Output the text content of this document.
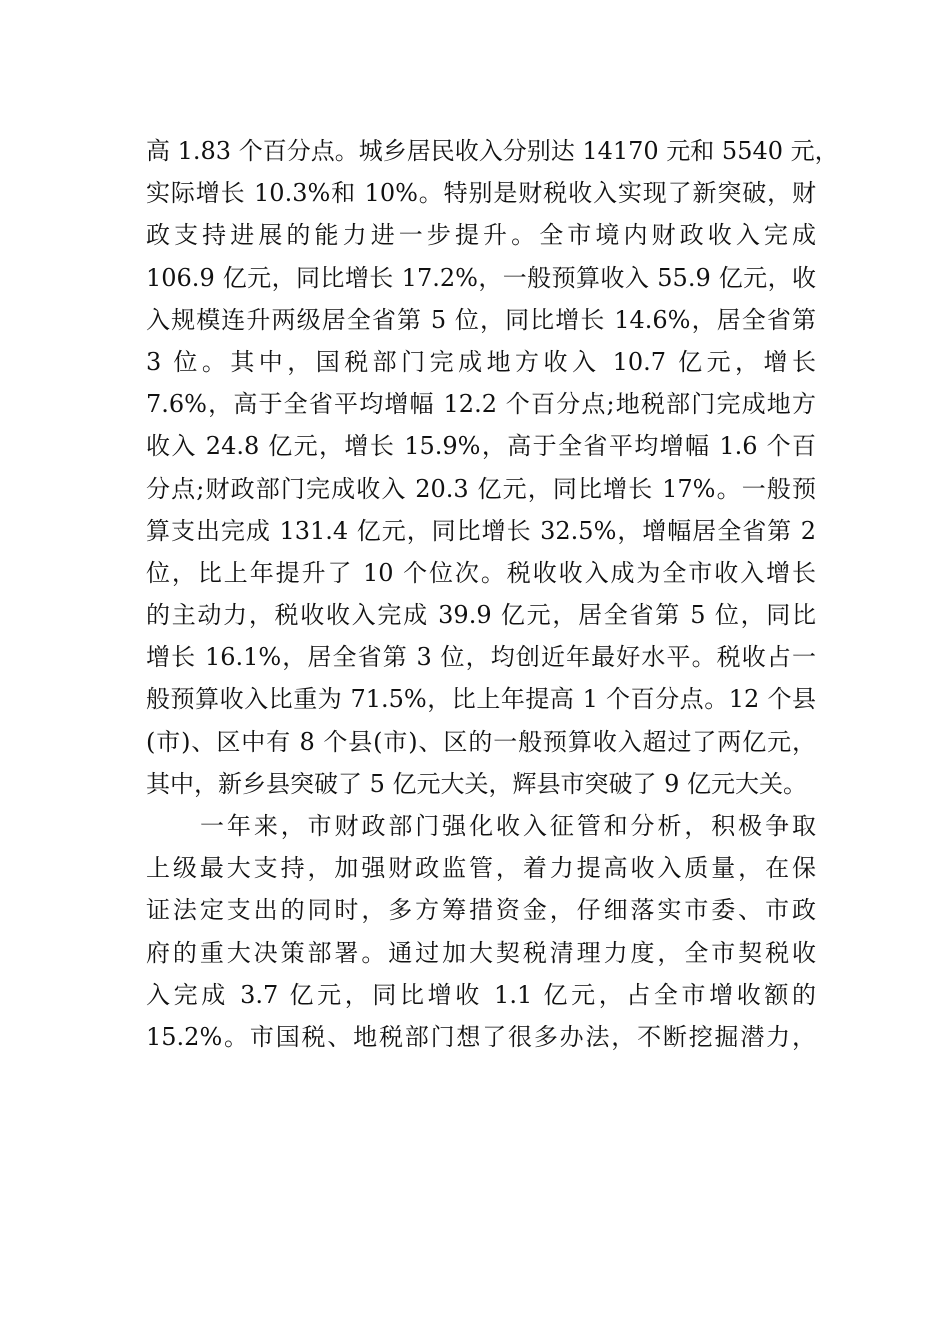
高 1.83 个百分点。城乡居民收入分别达 14170 元和 5540 元，
实际增长 10.3%和 10%。特别是财税收入实现了新突破，财
政支持进展的能力进一步提升。全市境内财政收入完成
106.9 亿元，同比增长 17.2%，一般预算收入 55.9 亿元，收
入规模连升两级居全省第 5 位，同比增长 14.6%，居全省第
3 位。其中，国税部门完成地方收入 10.7 亿元，增长
7.6%，高于全省平均增幅 12.2 个百分点;地税部门完成地方
收入 24.8 亿元，增长 15.9%，高于全省平均增幅 1.6 个百
分点;财政部门完成收入 20.3 亿元，同比增长 17%。一般预
算支出完成 131.4 亿元，同比增长 32.5%，增幅居全省第 2
位，比上年提升了 10 个位次。税收收入成为全市收入增长
的主动力，税收收入完成 39.9 亿元，居全省第 5 位，同比
增长 16.1%，居全省第 3 位，均创近年最好水平。税收占一
般预算收入比重为 71.5%，比上年提高 1 个百分点。12 个县
(市)、区中有 8 个县(市)、区的一般预算收入超过了两亿元，
其中，新乡县突破了 5 亿元大关，辉县市突破了 9 亿元大关。
一年来，市财政部门强化收入征管和分析，积极争取
上级最大支持，加强财政监管，着力提高收入质量，在保
证法定支出的同时，多方筹措资金，仔细落实市委、市政
府的重大决策部署。通过加大契税清理力度，全市契税收
入完成 3.7 亿元，同比增收 1.1 亿元，占全市增收额的
15.2%。市国税、地税部门想了很多办法，不断挖掘潜力，
